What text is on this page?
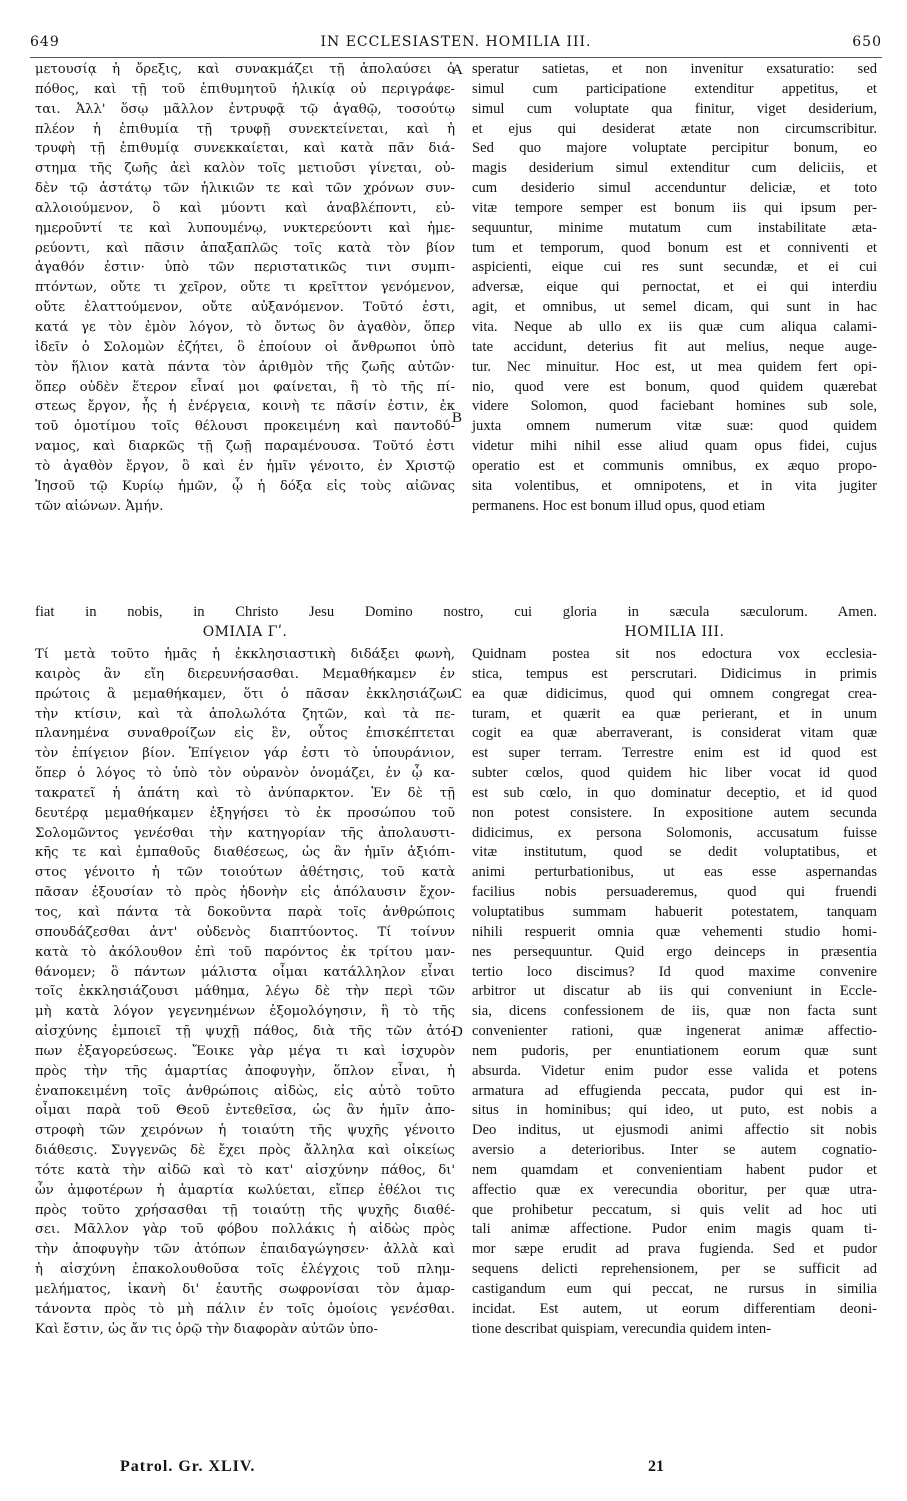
649	IN ECCLESIASTEN. HOMILIA III.	650
μετουσίᾳ ἡ ὄρεξις, καὶ συνακμάζει τῇ ἀπολαύσει ὁ
πόθος, καὶ τῇ τοῦ ἐπιθυμητοῦ ἡλικίᾳ οὐ περιγράφε-
ται. Ἀλλ' ὅσῳ μᾶλλον ἐντρυφᾷ τῷ ἀγαθῷ, τοσούτῳ
πλέον ἡ ἐπιθυμία τῇ τρυφῇ συνεκτείνεται, καὶ ἡ
τρυφὴ τῇ ἐπιθυμίᾳ συνεκκαίεται, καὶ κατὰ πᾶν διά-
στημα τῆς ζωῆς ἀεὶ καλὸν τοῖς μετιοῦσι γίνεται, οὐ-
δὲν τῷ ἀστάτῳ τῶν ἡλικιῶν τε καὶ τῶν χρόνων συν-
αλλοιούμενον, ὃ καὶ μύοντι καὶ ἀναβλέποντι, εὐ-
ημεροῦντί τε καὶ λυπουμένῳ, νυκτερεύοντι καὶ ἡμε-
ρεύοντι, καὶ πᾶσιν ἁπαξαπλῶς τοῖς κατὰ τὸν βίον
ἀγαθόν ἐστιν· ὑπὸ τῶν περιστατικῶς τινι συμπι-
πτόντων, οὔτε τι χεῖρον, οὔτε τι κρεῖττον γενόμενον,
οὔτε ἐλαττούμενον, οὔτε αὐξανόμενον. Τοῦτό ἐστι,
κατά γε τὸν ἐμὸν λόγον, τὸ ὄντως ὂν ἀγαθὸν, ὅπερ
ἰδεῖν ὁ Σολομὼν ἐζήτει, ὃ ἐποίουν οἱ ἄνθρωποι ὑπὸ
τὸν ἥλιον κατὰ πάντα τὸν ἀριθμὸν τῆς ζωῆς αὐτῶν·
ὅπερ οὐδὲν ἕτερον εἶναί μοι φαίνεται, ἢ τὸ τῆς πί-
στεως ἔργον, ἧς ἡ ἐνέργεια, κοινὴ τε πᾶσίν ἐστιν, ἐκ
τοῦ ὁμοτίμου τοῖς θέλουσι προκειμένη καὶ παντοδύ-
ναμος, καὶ διαρκῶς τῇ ζωῇ παραμένουσα. Τοῦτό ἐστι
τὸ ἀγαθὸν ἔργον, ὃ καὶ ἐν ἡμῖν γένοιτο, ἐν Χριστῷ
Ἰησοῦ τῷ Κυρίῳ ἡμῶν, ᾧ ἡ δόξα εἰς τοὺς αἰῶνας
τῶν αἰώνων. Ἀμήν.
speratur satietas, et non invenitur exsaturatio: sed
simul cum participatione extenditur appetitus, et
simul cum voluptate qua finitur, viget desiderium,
et ejus qui desiderat ætate non circumscribitur.
Sed quo majore voluptate percipitur bonum, eo
magis desiderium simul extenditur cum deliciis, et
cum desiderio simul accenduntur deliciæ, et toto
vitæ tempore semper est bonum iis qui ipsum per-
sequuntur, minime mutatum cum instabilitate æta-
tum et temporum, quod bonum est et conniventi et
aspicienti, eique cui res sunt secundæ, et ei cui
adversæ, eique qui pernoctat, et ei qui interdiu
agit, et omnibus, ut semel dicam, qui sunt in hac
vita. Neque ab ullo ex iis quæ cum aliqua calami-
tate accidunt, deterius fit aut melius, neque auge-
tur. Nec minuitur. Hoc est, ut mea quidem fert opi-
nio, quod vere est bonum, quod quidem quærebat
videre Solomon, quod faciebant homines sub sole,
juxta omnem numerum vitæ suæ: quod quidem
videtur mihi nihil esse aliud quam opus fidei, cujus
operatio est et communis omnibus, ex æquo propo-
sita volentibus, et omnipotens, et in vita jugiter
permanens. Hoc est bonum illud opus, quod etiam
fiat in nobis, in Christo Jesu Domino nostro, cui gloria in sæcula sæculorum. Amen.
ΟΜΙΛΙΑ Γʹ.	HOMILIA III.
Τί μετὰ τοῦτο ἡμᾶς ἡ ἐκκλησιαστικὴ διδάξει φωνὴ,
καιρὸς ἂν εἴη διερευνήσασθαι. Μεμαθήκαμεν ἐν
πρώτοις ἃ μεμαθήκαμεν, ὅτι ὁ πᾶσαν ἐκκλησιάζων
τὴν κτίσιν, καὶ τὰ ἀπολωλότα ζητῶν, καὶ τὰ πε-
πλανημένα συναθροίζων εἰς ἓν, οὗτος ἐπισκέπτεται
τὸν ἐπίγειον βίον. Ἐπίγειον γάρ ἐστι τὸ ὑπουράνιον,
ὅπερ ὁ λόγος τὸ ὑπὸ τὸν οὐρανὸν ὀνομάζει, ἐν ᾧ κα-
τακρατεῖ ἡ ἀπάτη καὶ τὸ ἀνύπαρκτον. Ἐν δὲ τῇ
δευτέρᾳ μεμαθήκαμεν ἐξηγήσει τὸ ἐκ προσώπου τοῦ
Σολομῶντος γενέσθαι τὴν κατηγορίαν τῆς ἀπολαυστι-
κῆς τε καὶ ἐμπαθοῦς διαθέσεως, ὡς ἂν ἡμῖν ἀξιόπι-
στος γένοιτο ἡ τῶν τοιούτων ἀθέτησις, τοῦ κατὰ
πᾶσαν ἐξουσίαν τὸ πρὸς ἡδονὴν εἰς ἀπόλαυσιν ἔχον-
τος, καὶ πάντα τὰ δοκοῦντα παρὰ τοῖς ἀνθρώποις
σπουδάζεσθαι ἀντ' οὐδενὸς διαπτύοντος. Τί τοίνυν
κατὰ τὸ ἀκόλουθον ἐπὶ τοῦ παρόντος ἐκ τρίτου μαν-
θάνομεν; ὃ πάντων μάλιστα οἶμαι κατάλληλον εἶναι
τοῖς ἐκκλησιάζουσι μάθημα, λέγω δὲ τὴν περὶ τῶν
μὴ κατὰ λόγον γεγενημένων ἐξομολόγησιν, ἣ τὸ τῆς
αἰσχύνης ἐμποιεῖ τῇ ψυχῇ πάθος, διὰ τῆς τῶν ἀτό-
πων ἐξαγορεύσεως. Ἔοικε γὰρ μέγα τι καὶ ἰσχυρὸν
πρὸς τὴν τῆς ἁμαρτίας ἀποφυγὴν, ὅπλον εἶναι, ἡ
ἐναποκειμένη τοῖς ἀνθρώποις αἰδὼς, εἰς αὐτὸ τοῦτο
οἶμαι παρὰ τοῦ Θεοῦ ἐντεθεῖσα, ὡς ἂν ἡμῖν ἀπο-
στροφὴ τῶν χειρόνων ἡ τοιαύτη τῆς ψυχῆς γένοιτο
διάθεσις. Συγγενῶς δὲ ἔχει πρὸς ἄλληλα καὶ οἰκείως
τότε κατὰ τὴν αἰδῶ καὶ τὸ κατ' αἰσχύνην πάθος, δι'
ὧν ἀμφοτέρων ἡ ἁμαρτία κωλύεται, εἴπερ ἐθέλοι τις
πρὸς τοῦτο χρήσασθαι τῇ τοιαύτῃ τῆς ψυχῆς διαθέ-
σει. Μᾶλλον γὰρ τοῦ φόβου πολλάκις ἡ αἰδὼς πρὸς
τὴν ἀποφυγὴν τῶν ἀτόπων ἐπαιδαγώγησεν· ἀλλὰ καὶ
ἡ αἰσχύνη ἐπακολουθοῦσα τοῖς ἐλέγχοις τοῦ πλημ-
μελήματος, ἱκανὴ δι' ἑαυτῆς σωφρονίσαι τὸν ἁμαρ-
τάνοντα πρὸς τὸ μὴ πάλιν ἐν τοῖς ὁμοίοις γενέσθαι.
Καὶ ἔστιν, ὡς ἄν τις ὁρῷ τὴν διαφορὰν αὐτῶν ὑπο-
Quidnam postea sit nos edoctura vox ecclesia-
stica, tempus est perscrutari. Didicimus in primis
ea quæ didicimus, quod qui omnem congregat crea-
turam, et quærit ea quæ perierant, et in unum
cogit ea quæ aberraverant, is considerat vitam quæ
est super terram. Terrestre enim est id quod est
subter cœlos, quod quidem hic liber vocat id quod
est sub cœlo, in quo dominatur deceptio, et id quod
non potest consistere. In expositione autem secunda
didicimus, ex persona Solomonis, accusatum fuisse
vitæ institutum, quod se dedit voluptatibus, et
animi perturbationibus, ut eas esse aspernandas
facilius nobis persuaderemus, quod qui fruendi
voluptatibus summam habuerit potestatem, tanquam
nihili respuerit omnia quæ vehementi studio homi-
nes persequuntur. Quid ergo deinceps in præsentia
tertio loco discimus? Id quod maxime convenire
arbitror ut discatur ab iis qui conveniunt in Eccle-
sia, dicens confessionem de iis, quæ non facta sunt
convenienter rationi, quæ ingenerat animæ affectio-
nem pudoris, per enuntiationem eorum quæ sunt
absurda. Videtur enim pudor esse valida et potens
armatura ad effugienda peccata, pudor qui est in-
situs in hominibus; qui ideo, ut puto, est nobis a
Deo inditus, ut ejusmodi animi affectio sit nobis
aversio a deterioribus. Inter se autem cognatio-
nem quamdam et convenientiam habent pudor et
affectio quæ ex verecundia oboritur, per quæ utra-
que prohibetur peccatum, si quis velit ad hoc uti
tali animæ affectione. Pudor enim magis quam ti-
mor sæpe erudit ad prava fugienda. Sed et pudor
sequens delicti reprehensionem, per se sufficit ad
castigandum eum qui peccat, ne rursus in similia
incidat. Est autem, ut eorum differentiam deoni-
tione describat quispiam, verecundia quidem inten-
A
B
C
D
Patrol. Gr. XLIV.	21
